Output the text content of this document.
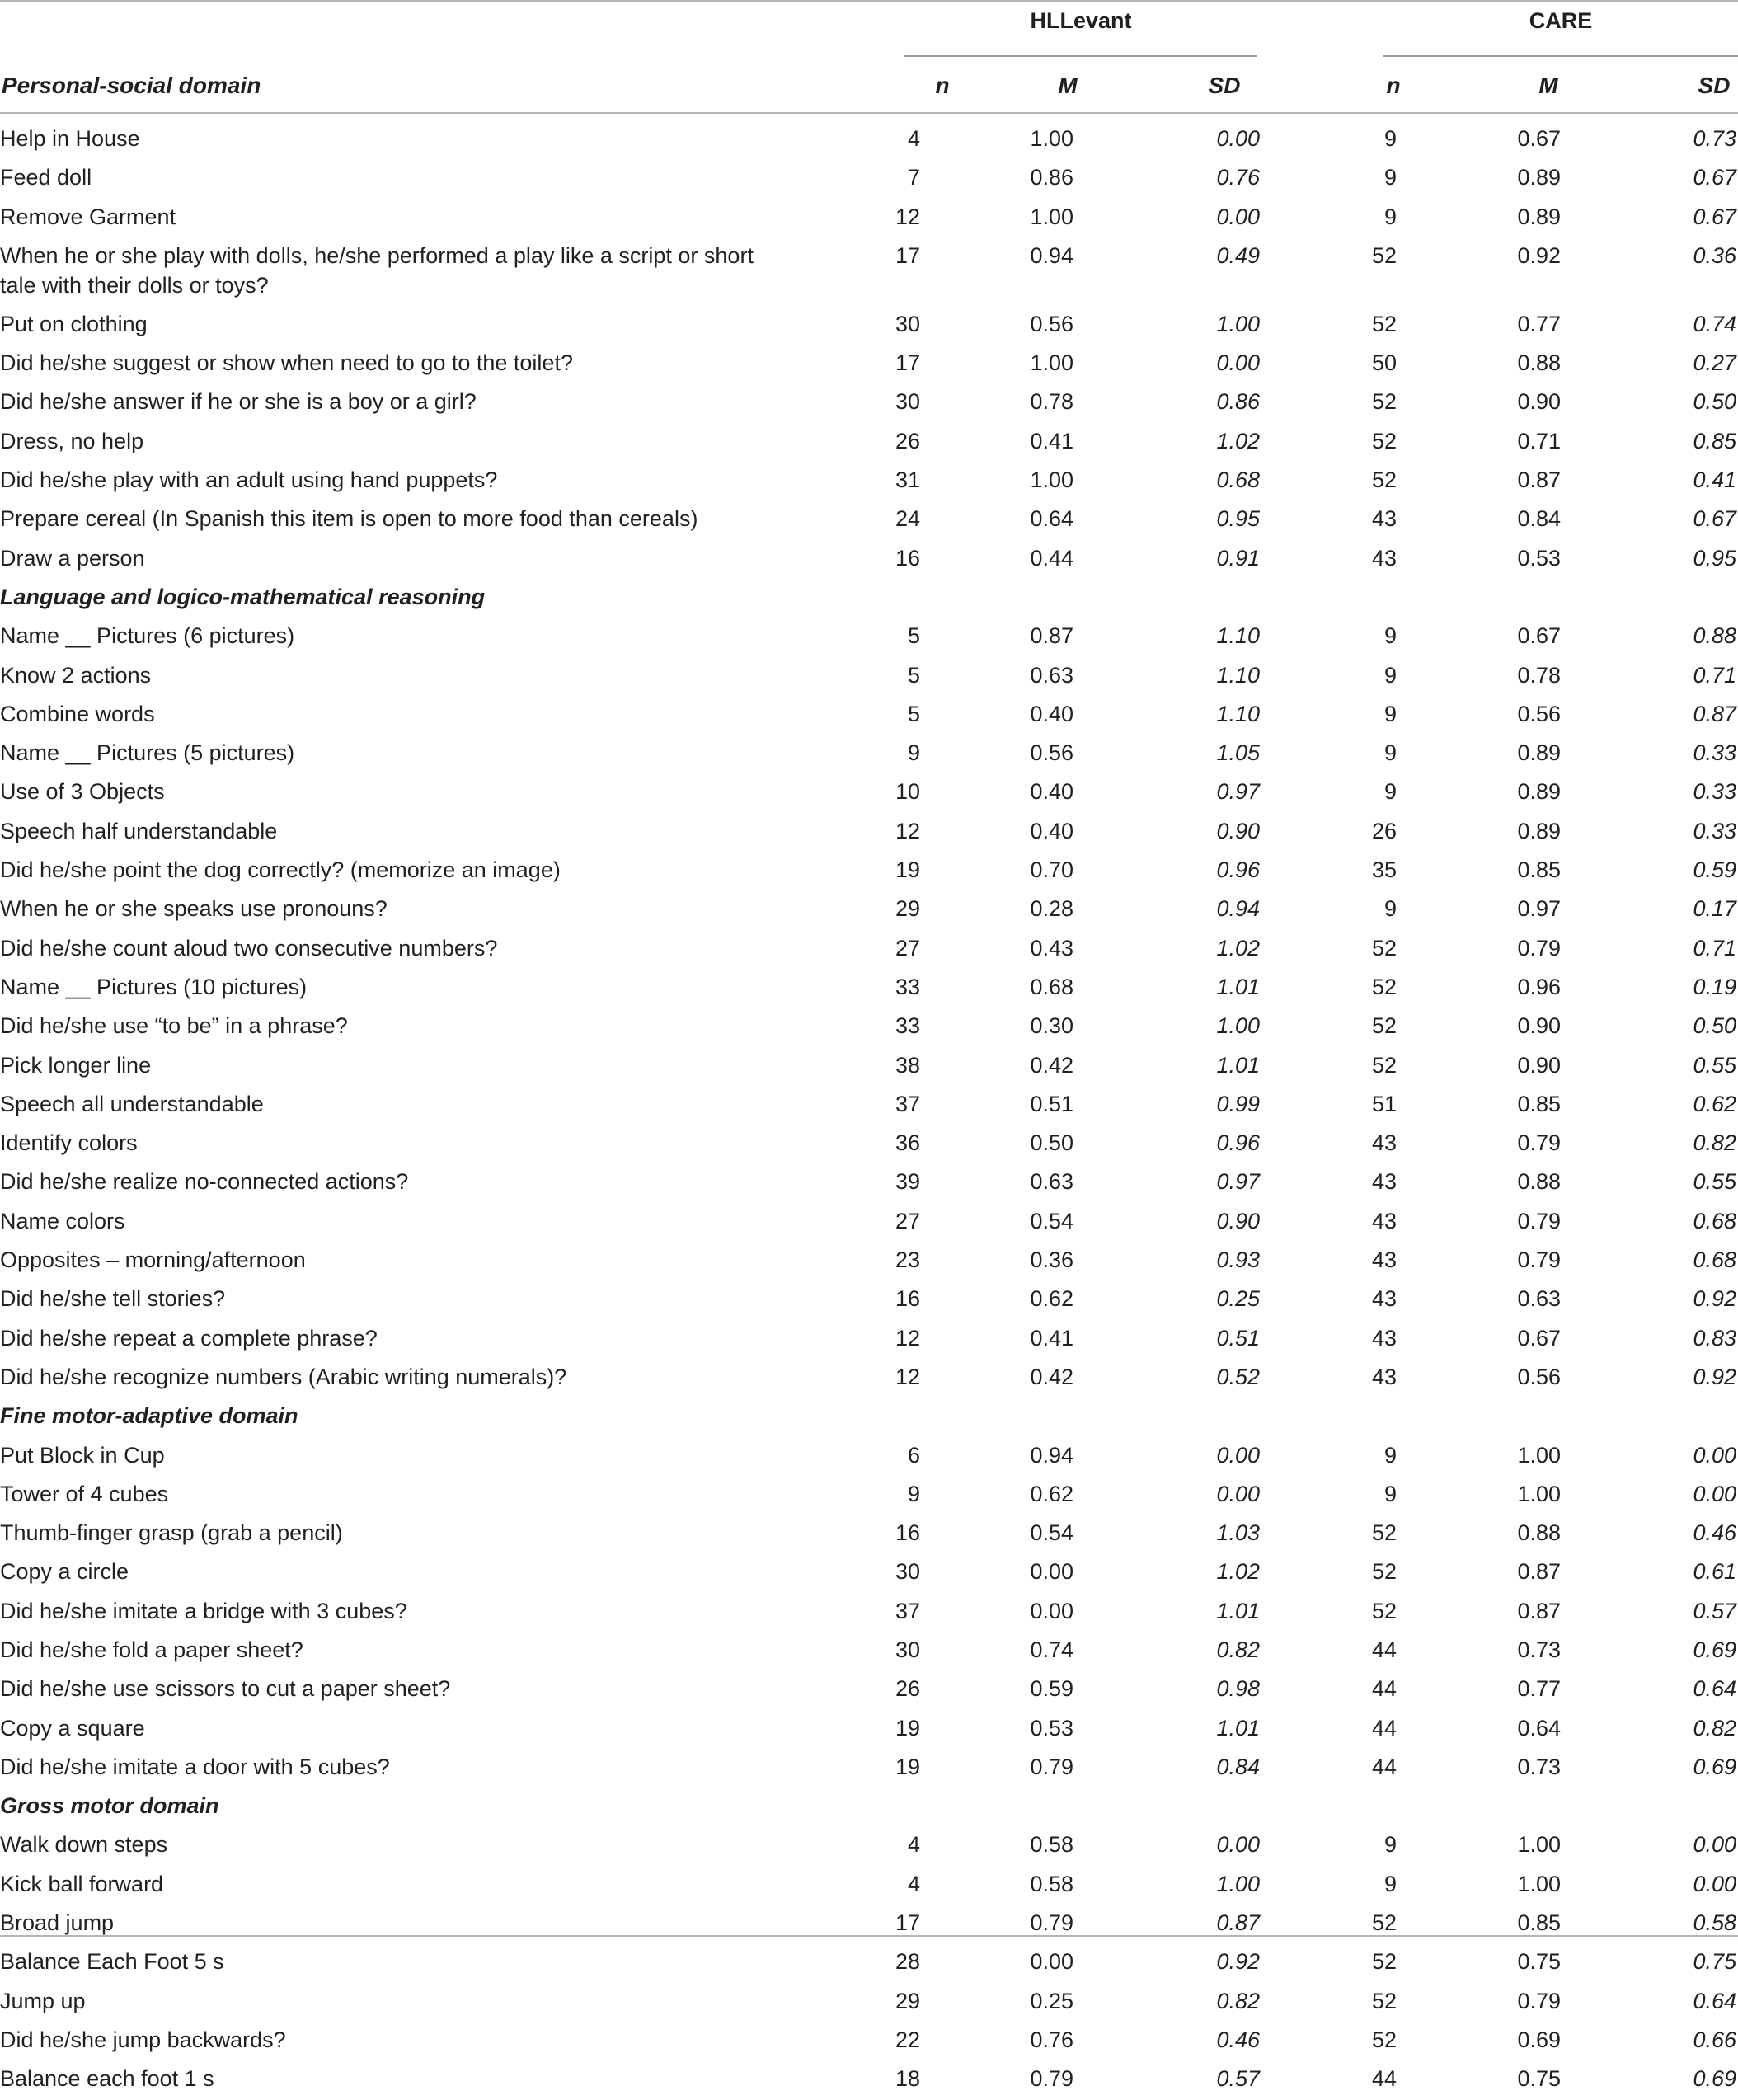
HLLevant	CARE
Personal-social domain	n	M	SD	n	M	SD
Help in House	4	1.00	0.00	9	0.67	0.73
Feed doll	7	0.86	0.76	9	0.89	0.67
Remove Garment	12	1.00	0.00	9	0.89	0.67
When he or she play with dolls, he/she performed a play like a script or short tale with their dolls or toys?	17	0.94	0.49	52	0.92	0.36
Put on clothing	30	0.56	1.00	52	0.77	0.74
Did he/she suggest or show when need to go to the toilet?	17	1.00	0.00	50	0.88	0.27
Did he/she answer if he or she is a boy or a girl?	30	0.78	0.86	52	0.90	0.50
Dress, no help	26	0.41	1.02	52	0.71	0.85
Did he/she play with an adult using hand puppets?	31	1.00	0.68	52	0.87	0.41
Prepare cereal (In Spanish this item is open to more food than cereals)	24	0.64	0.95	43	0.84	0.67
Draw a person	16	0.44	0.91	43	0.53	0.95
Language and logico-mathematical reasoning						
Name __ Pictures (6 pictures)	5	0.87	1.10	9	0.67	0.88
Know 2 actions	5	0.63	1.10	9	0.78	0.71
Combine words	5	0.40	1.10	9	0.56	0.87
Name __ Pictures (5 pictures)	9	0.56	1.05	9	0.89	0.33
Use of 3 Objects	10	0.40	0.97	9	0.89	0.33
Speech half understandable	12	0.40	0.90	26	0.89	0.33
Did he/she point the dog correctly? (memorize an image)	19	0.70	0.96	35	0.85	0.59
When he or she speaks use pronouns?	29	0.28	0.94	9	0.97	0.17
Did he/she count aloud two consecutive numbers?	27	0.43	1.02	52	0.79	0.71
Name __ Pictures (10 pictures)	33	0.68	1.01	52	0.96	0.19
Did he/she use “to be” in a phrase?	33	0.30	1.00	52	0.90	0.50
Pick longer line	38	0.42	1.01	52	0.90	0.55
Speech all understandable	37	0.51	0.99	51	0.85	0.62
Identify colors	36	0.50	0.96	43	0.79	0.82
Did he/she realize no-connected actions?	39	0.63	0.97	43	0.88	0.55
Name colors	27	0.54	0.90	43	0.79	0.68
Opposites – morning/afternoon	23	0.36	0.93	43	0.79	0.68
Did he/she tell stories?	16	0.62	0.25	43	0.63	0.92
Did he/she repeat a complete phrase?	12	0.41	0.51	43	0.67	0.83
Did he/she recognize numbers (Arabic writing numerals)?	12	0.42	0.52	43	0.56	0.92
Fine motor-adaptive domain						
Put Block in Cup	6	0.94	0.00	9	1.00	0.00
Tower of 4 cubes	9	0.62	0.00	9	1.00	0.00
Thumb-finger grasp (grab a pencil)	16	0.54	1.03	52	0.88	0.46
Copy a circle	30	0.00	1.02	52	0.87	0.61
Did he/she imitate a bridge with 3 cubes?	37	0.00	1.01	52	0.87	0.57
Did he/she fold a paper sheet?	30	0.74	0.82	44	0.73	0.69
Did he/she use scissors to cut a paper sheet?	26	0.59	0.98	44	0.77	0.64
Copy a square	19	0.53	1.01	44	0.64	0.82
Did he/she imitate a door with 5 cubes?	19	0.79	0.84	44	0.73	0.69
Gross motor domain						
Walk down steps	4	0.58	0.00	9	1.00	0.00
Kick ball forward	4	0.58	1.00	9	1.00	0.00
Broad jump	17	0.79	0.87	52	0.85	0.58
Balance Each Foot 5 s	28	0.00	0.92	52	0.75	0.75
Jump up	29	0.25	0.82	52	0.79	0.64
Did he/she jump backwards?	22	0.76	0.46	52	0.69	0.66
Balance each foot 1 s	18	0.79	0.57	44	0.75	0.69
